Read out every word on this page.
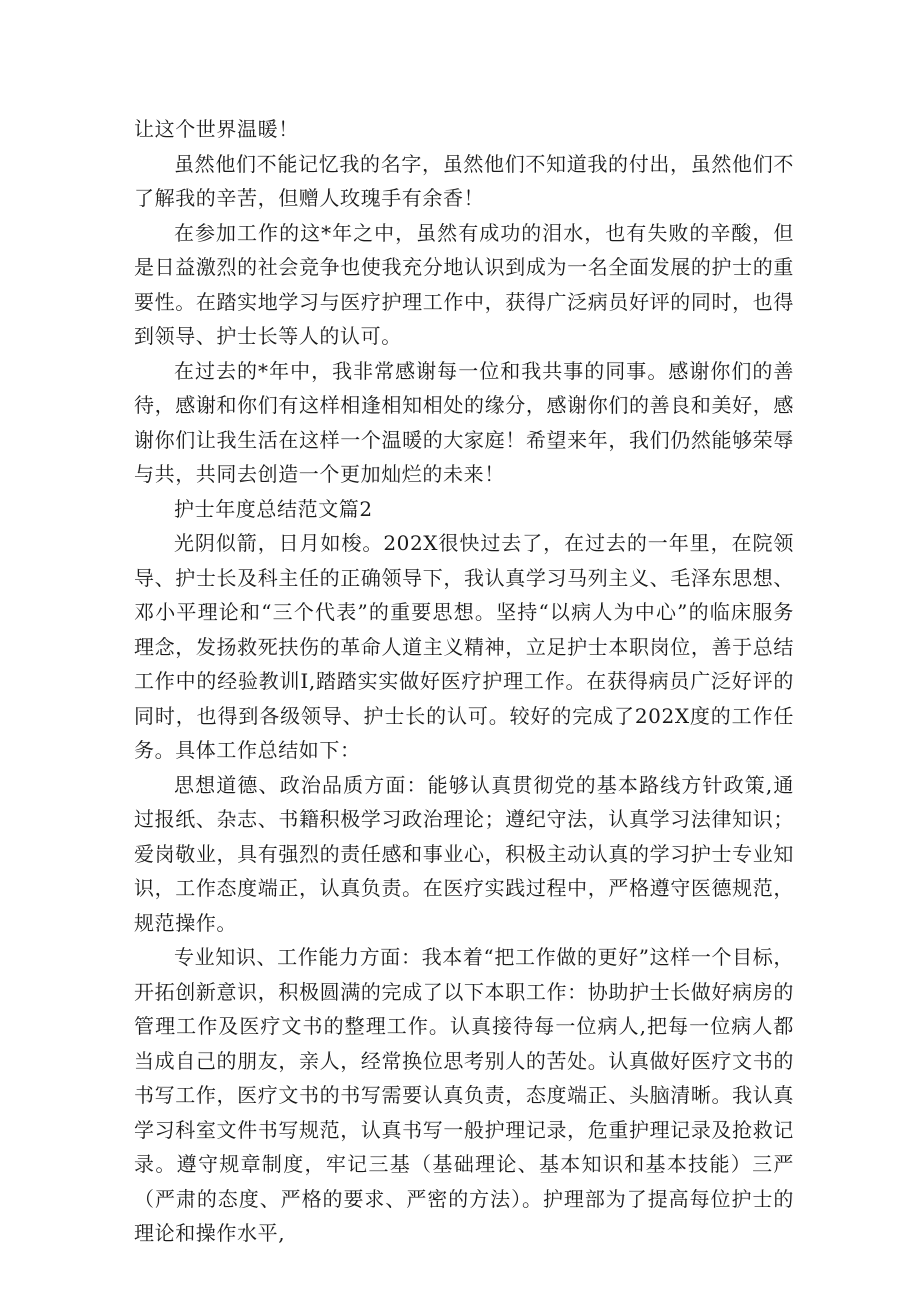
让这个世界温暖！

虽然他们不能记忆我的名字，虽然他们不知道我的付出，虽然他们不了解我的辛苦，但赠人玫瑰手有余香！

在参加工作的这*年之中，虽然有成功的泪水，也有失败的辛酸，但是日益激烈的社会竞争也使我充分地认识到成为一名全面发展的护士的重要性。在踏实地学习与医疗护理工作中，获得广泛病员好评的同时，也得到领导、护士长等人的认可。

在过去的*年中，我非常感谢每一位和我共事的同事。感谢你们的善待，感谢和你们有这样相逢相知相处的缘分，感谢你们的善良和美好，感谢你们让我生活在这样一个温暖的大家庭！希望来年，我们仍然能够荣辱与共，共同去创造一个更加灿烂的未来！

护士年度总结范文篇2

光阴似箭，日月如梭。202X很快过去了，在过去的一年里，在院领导、护士长及科主任的正确领导下，我认真学习马列主义、毛泽东思想、邓小平理论和“三个代表”的重要思想。坚持“以病人为中心”的临床服务理念，发扬救死扶伤的革命人道主义精神，立足护士本职岗位，善于总结工作中的经验教训I,踏踏实实做好医疗护理工作。在获得病员广泛好评的同时，也得到各级领导、护士长的认可。较好的完成了202X度的工作任务。具体工作总结如下：

思想道德、政治品质方面：能够认真贯彻党的基本路线方针政策,通过报纸、杂志、书籍积极学习政治理论；遵纪守法，认真学习法律知识；爱岗敬业，具有强烈的责任感和事业心，积极主动认真的学习护士专业知识，工作态度端正，认真负责。在医疗实践过程中，严格遵守医德规范，规范操作。

专业知识、工作能力方面：我本着“把工作做的更好”这样一个目标，开拓创新意识，积极圆满的完成了以下本职工作：协助护士长做好病房的管理工作及医疗文书的整理工作。认真接待每一位病人,把每一位病人都当成自己的朋友，亲人，经常换位思考别人的苦处。认真做好医疗文书的书写工作，医疗文书的书写需要认真负责，态度端正、头脑清晰。我认真学习科室文件书写规范，认真书写一般护理记录，危重护理记录及抢救记录。遵守规章制度，牢记三基（基础理论、基本知识和基本技能）三严（严肃的态度、严格的要求、严密的方法）。护理部为了提高每位护士的理论和操作水平,
